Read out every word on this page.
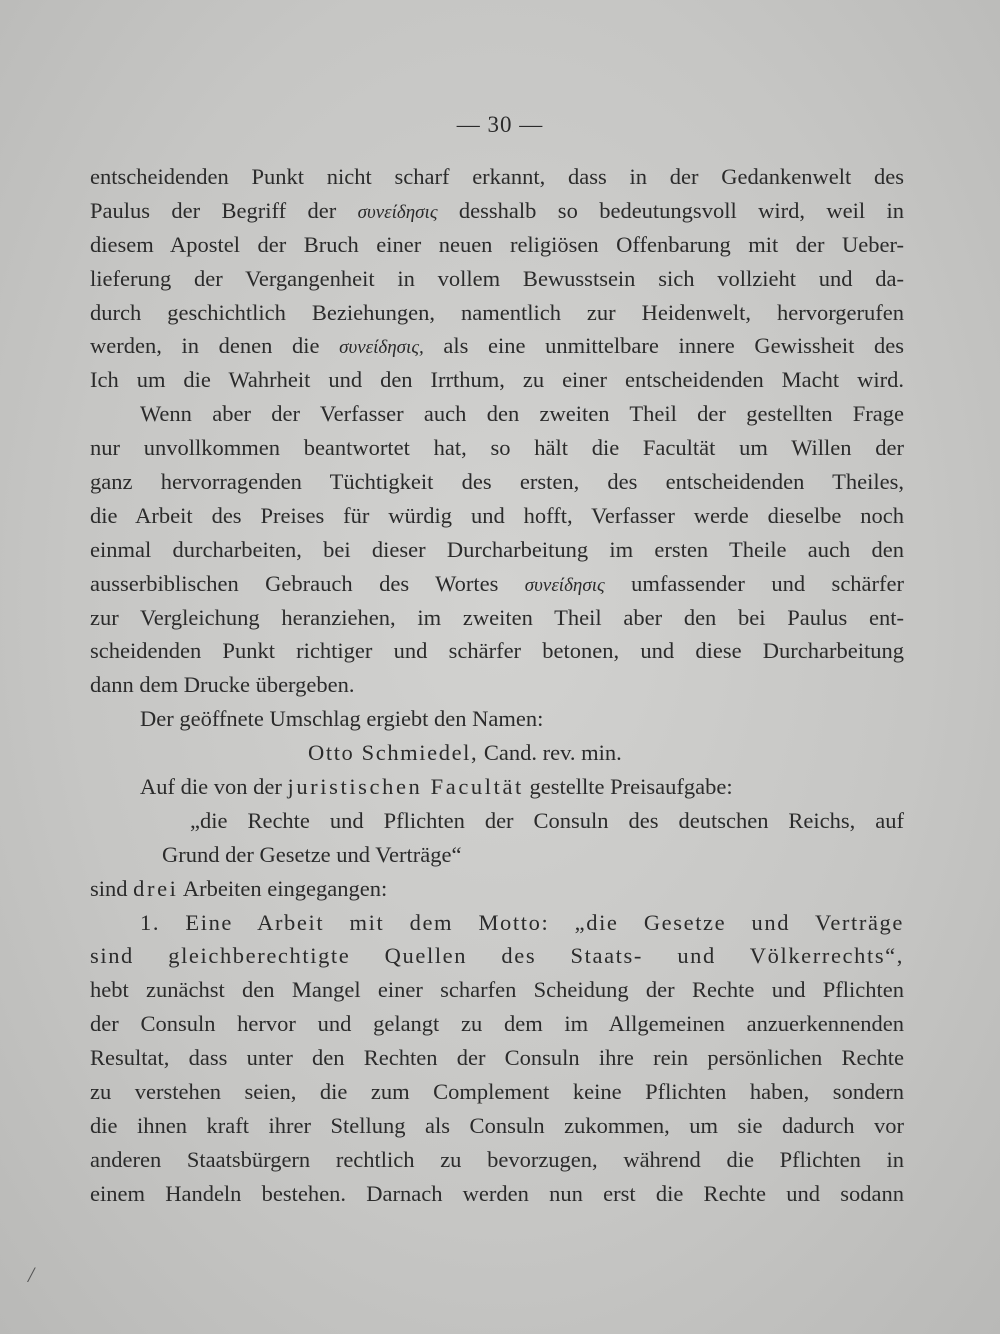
— 30 —
entscheidenden Punkt nicht scharf erkannt, dass in der Gedankenwelt des
Paulus der Begriff der συνείδησις desshalb so bedeutungsvoll wird, weil in
diesem Apostel der Bruch einer neuen religiösen Offenbarung mit der Ueber-
lieferung der Vergangenheit in vollem Bewusstsein sich vollzieht und da-
durch geschichtlich Beziehungen, namentlich zur Heidenwelt, hervorgerufen
werden, in denen die συνείδησις, als eine unmittelbare innere Gewissheit des
Ich um die Wahrheit und den Irrthum, zu einer entscheidenden Macht wird.
Wenn aber der Verfasser auch den zweiten Theil der gestellten Frage
nur unvollkommen beantwortet hat, so hält die Facultät um Willen der
ganz hervorragenden Tüchtigkeit des ersten, des entscheidenden Theiles,
die Arbeit des Preises für würdig und hofft, Verfasser werde dieselbe noch
einmal durcharbeiten, bei dieser Durcharbeitung im ersten Theile auch den
ausserbiblischen Gebrauch des Wortes συνείδησις umfassender und schärfer
zur Vergleichung heranziehen, im zweiten Theil aber den bei Paulus ent-
scheidenden Punkt richtiger und schärfer betonen, und diese Durcharbeitung
dann dem Drucke übergeben.
Der geöffnete Umschlag ergiebt den Namen:
Otto Schmiedel, Cand. rev. min.
Auf die von der juristischen Facultät gestellte Preisaufgabe:
„die Rechte und Pflichten der Consuln des deutschen Reichs, auf
Grund der Gesetze und Verträge“
sind drei Arbeiten eingegangen:
1. Eine Arbeit mit dem Motto: „die Gesetze und Verträge
sind gleichberechtigte Quellen des Staats- und Völkerrechts“,
hebt zunächst den Mangel einer scharfen Scheidung der Rechte und Pflichten
der Consuln hervor und gelangt zu dem im Allgemeinen anzuerkennenden
Resultat, dass unter den Rechten der Consuln ihre rein persönlichen Rechte
zu verstehen seien, die zum Complement keine Pflichten haben, sondern
die ihnen kraft ihrer Stellung als Consuln zukommen, um sie dadurch vor
anderen Staatsbürgern rechtlich zu bevorzugen, während die Pflichten in
einem Handeln bestehen. Darnach werden nun erst die Rechte und sodann
/
